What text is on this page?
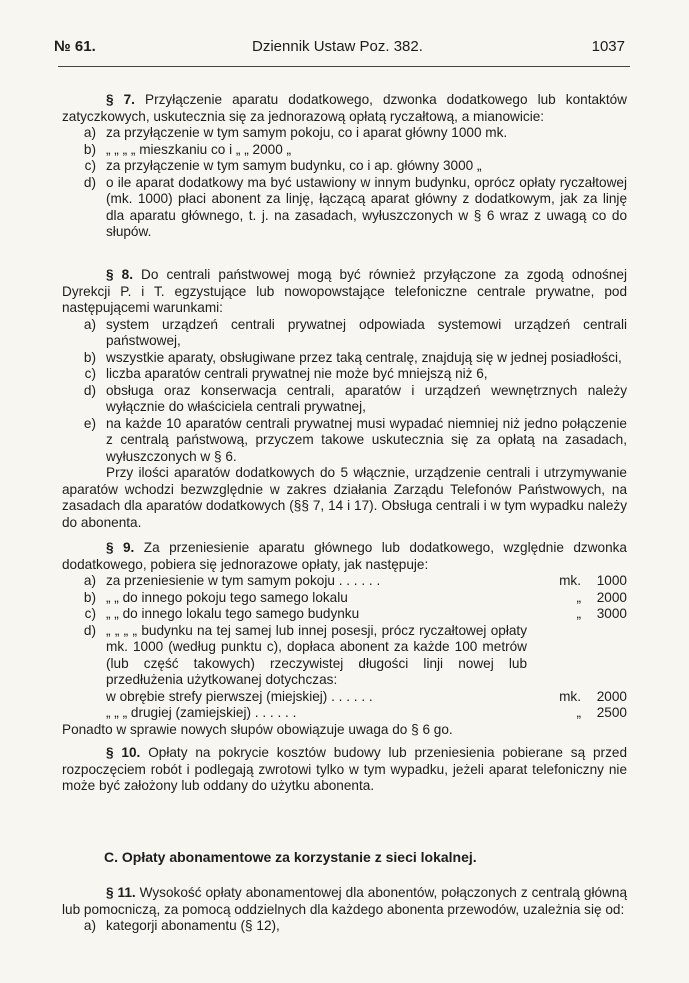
№ 61.	Dziennik Ustaw Poz. 382.	1037

§ 7. Przyłączenie aparatu dodatkowego, dzwonka dodatkowego lub kontaktów zatyczkowych, uskutecznia się za jednorazową opłatą ryczałtową, a mianowicie:

a) za przyłączenie w tym samym pokoju, co i aparat główny 1000 mk.
b) „ „ „ „ mieszkaniu co i „ „ 2000 „
c) za przyłączenie w tym samym budynku, co i ap. główny 3000 „
d) o ile aparat dodatkowy ma być ustawiony w innym budynku, oprócz opłaty ryczałtowej (mk. 1000) płaci abonent za linję, łączącą aparat główny z dodatkowym, jak za linję dla aparatu głównego, t. j. na zasadach, wyłuszczonych w § 6 wraz z uwagą co do słupów.

§ 8. Do centrali państwowej mogą być również przyłączone za zgodą odnośnej Dyrekcji P. i T. egzystujące lub nowopowstające telefoniczne centrale prywatne, pod następującemi warunkami:

a) system urządzeń centrali prywatnej odpowiada systemowi urządzeń centrali państwowej,
b) wszystkie aparaty, obsługiwane przez taką centralę, znajdują się w jednej posiadłości,
c) liczba aparatów centrali prywatnej nie może być mniejszą niż 6,
d) obsługa oraz konserwacja centrali, aparatów i urządzeń wewnętrznych należy wyłącznie do właściciela centrali prywatnej,
e) na każde 10 aparatów centrali prywatnej musi wypadać niemniej niż jedno połączenie z centralą państwową, przyczem takowe uskutecznia się za opłatą na zasadach, wyłuszczonych w § 6.

Przy ilości aparatów dodatkowych do 5 włącznie, urządzenie centrali i utrzymywanie aparatów wchodzi bezwzględnie w zakres działania Zarządu Telefonów Państwowych, na zasadach dla aparatów dodatkowych (§§ 7, 14 i 17). Obsługa centrali i w tym wypadku należy do abonenta.

§ 9. Za przeniesienie aparatu głównego lub dodatkowego, względnie dzwonka dodatkowego, pobiera się jednorazowe opłaty, jak następuje:

a) za przeniesienie w tym samym pokoju . . . . . .	mk.	1000
b) „ „ do innego pokoju tego samego lokalu	„	2000
c) „ „ do innego lokalu tego samego budynku	„	3000
d) „ „ „ „ budynku na tej samej lub innej posesji, prócz ryczałtowej opłaty mk. 1000 (według punktu c), dopłaca abonent za każde 100 metrów (lub część takowych) rzeczywistej długości linji nowej lub przedłużenia użytkowanej dotychczas:
w obrębie strefy pierwszej (miejskiej) . . . . . .	mk.	2000
„ „ „ drugiej (zamiejskiej) . . . . . .	„	2500

Ponadto w sprawie nowych słupów obowiązuje uwaga do § 6 go.

§ 10. Opłaty na pokrycie kosztów budowy lub przeniesienia pobierane są przed rozpoczęciem robót i podlegają zwrotowi tylko w tym wypadku, jeżeli aparat telefoniczny nie może być założony lub oddany do użytku abonenta.

C. Opłaty abonamentowe za korzystanie z sieci lokalnej.

§ 11. Wysokość opłaty abonamentowej dla abonentów, połączonych z centralą główną lub pomocniczą, za pomocą oddzielnych dla każdego abonenta przewodów, uzależnia się od:

a) kategorji abonamentu (§ 12),
